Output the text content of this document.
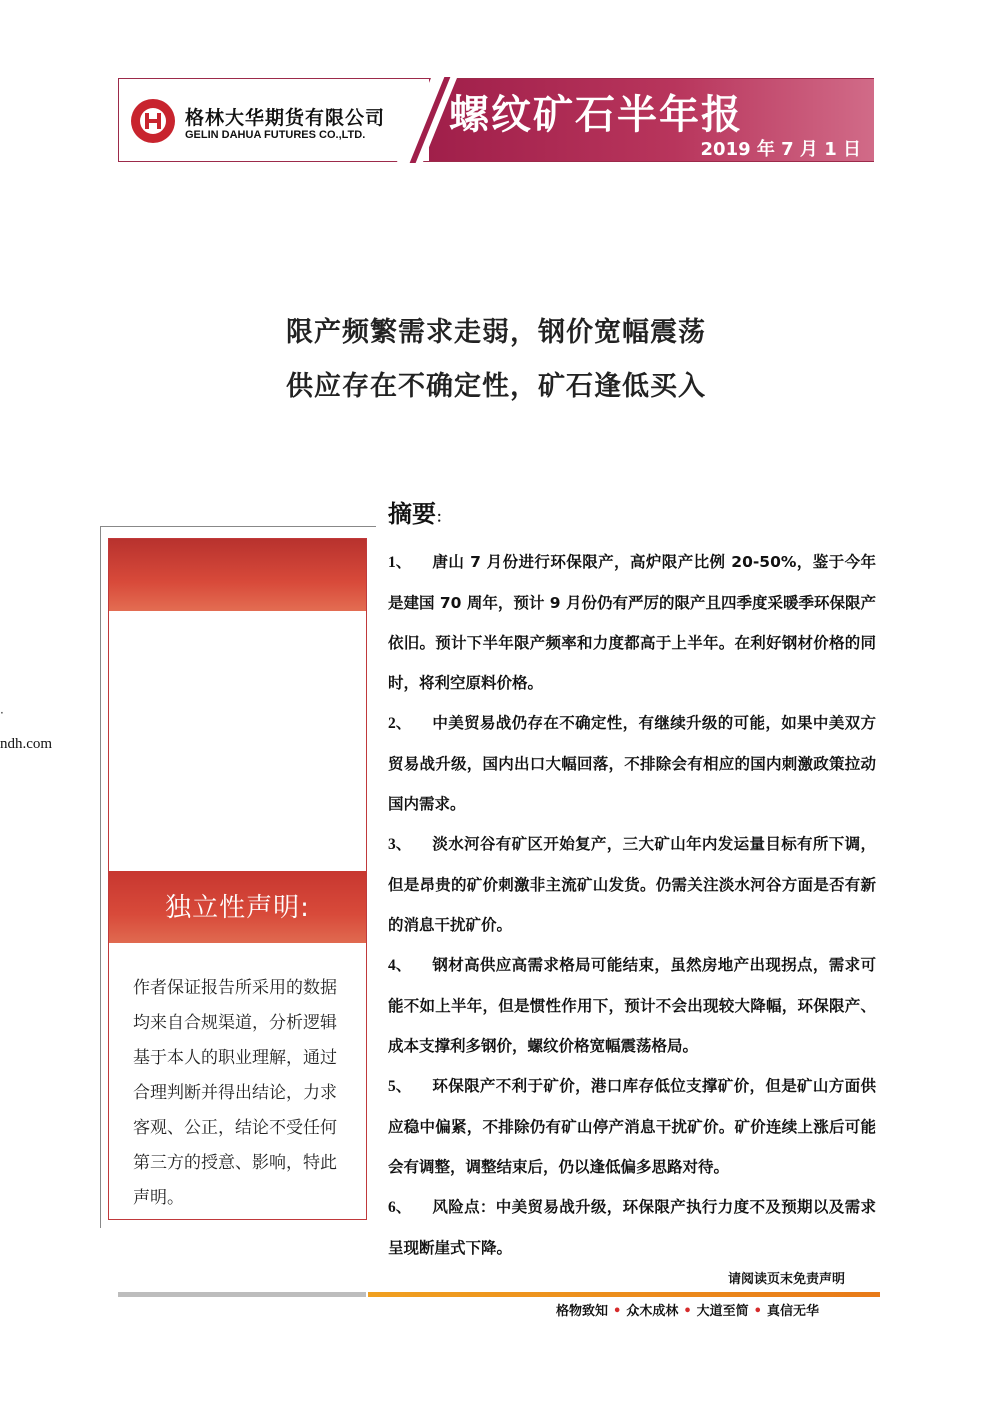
格林大华期货有限公司
GELIN DAHUA FUTURES CO.,LTD. 螺纹矿石半年报
2019 年 7 月 1 日
限产频繁需求走弱，钢价宽幅震荡
供应存在不确定性，矿石逢低买入
摘要：
·
ndh.com
独立性声明:
作者保证报告所采用的数据均来自合规渠道，分析逻辑基于本人的职业理解，通过合理判断并得出结论，力求客观、公正，结论不受任何第三方的授意、影响，特此声明。
1、 唐山 7 月份进行环保限产，高炉限产比例 20-50%，鉴于今年是建国 70 周年，预计 9 月份仍有严厉的限产且四季度采暖季环保限产依旧。预计下半年限产频率和力度都高于上半年。在利好钢材价格的同时，将利空原料价格。
2、 中美贸易战仍存在不确定性，有继续升级的可能，如果中美双方贸易战升级，国内出口大幅回落，不排除会有相应的国内刺激政策拉动国内需求。
3、 淡水河谷有矿区开始复产，三大矿山年内发运量目标有所下调，但是昂贵的矿价刺激非主流矿山发货。仍需关注淡水河谷方面是否有新的消息干扰矿价。
4、 钢材高供应高需求格局可能结束，虽然房地产出现拐点，需求可能不如上半年，但是惯性作用下，预计不会出现较大降幅，环保限产、成本支撑利多钢价，螺纹价格宽幅震荡格局。
5、 环保限产不利于矿价，港口库存低位支撑矿价，但是矿山方面供应稳中偏紧，不排除仍有矿山停产消息干扰矿价。矿价连续上涨后可能会有调整，调整结束后，仍以逢低偏多思路对待。
6、 风险点：中美贸易战升级，环保限产执行力度不及预期以及需求呈现断崖式下降。
请阅读页末免责声明
格物致知 • 众木成林 • 大道至简 • 真信无华
